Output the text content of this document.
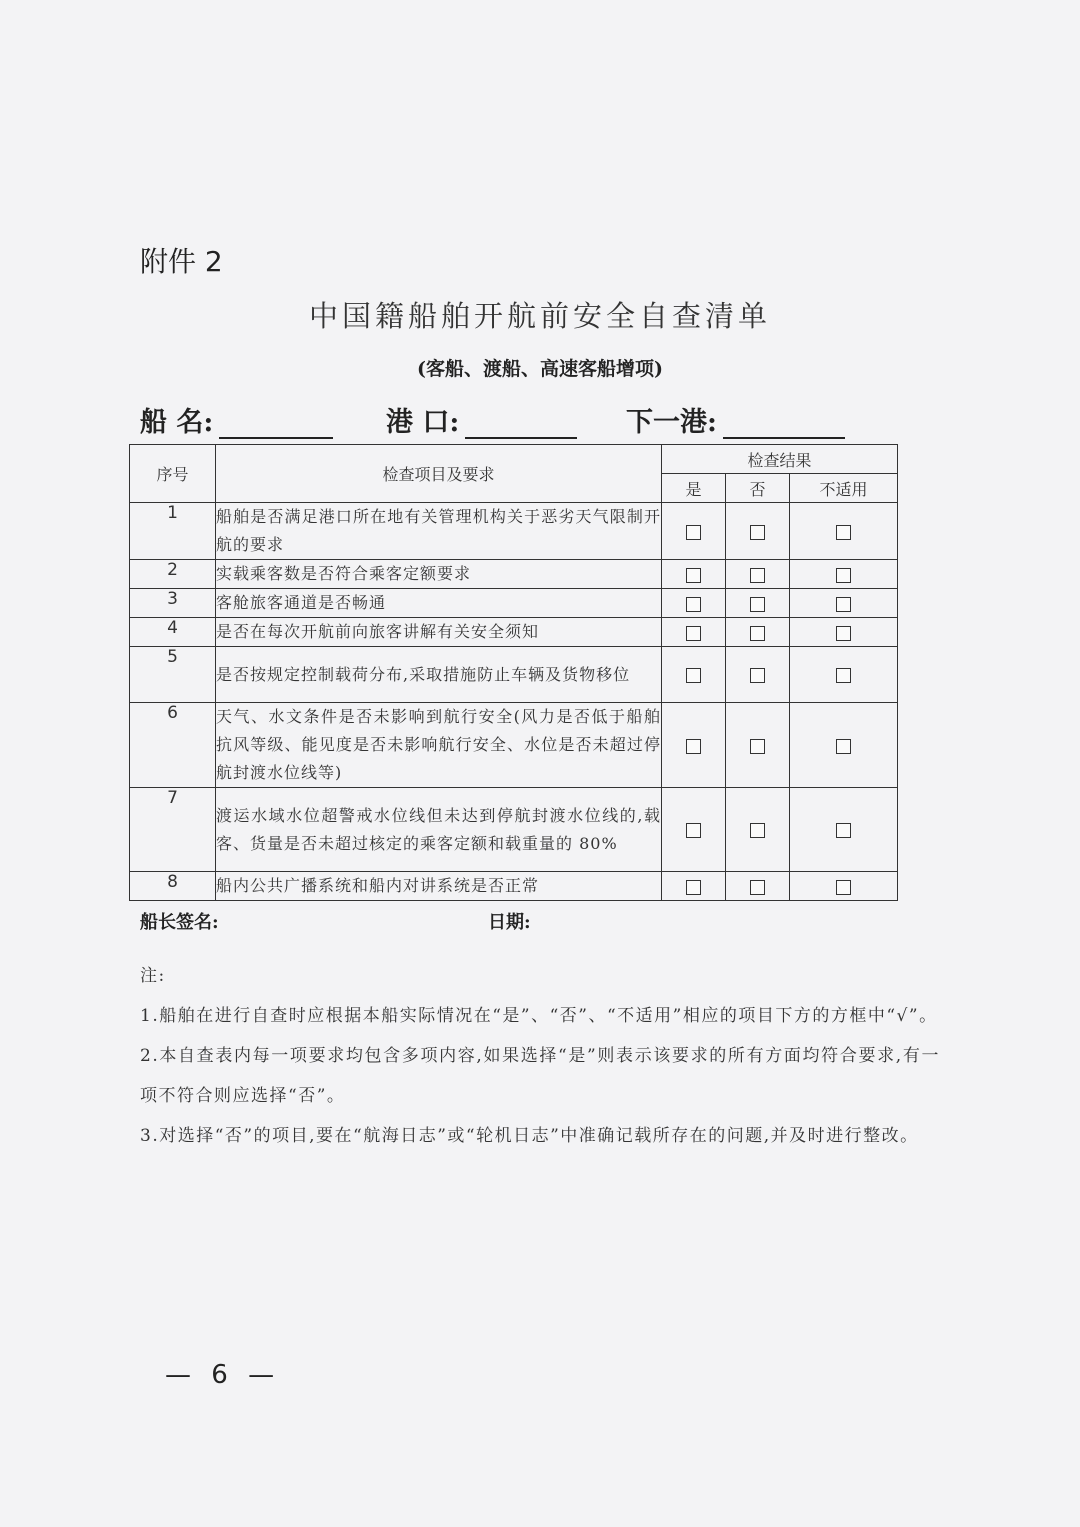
附件 2
中国籍船舶开航前安全自查清单
(客船、渡船、高速客船增项)
船 名:	港 口:	下一港:
序号	检查项目及要求	检查结果		
		是	否	不适用
1	船舶是否满足港口所在地有关管理机构关于恶劣天气限制开航的要求			
2	实载乘客数是否符合乘客定额要求			
3	客舱旅客通道是否畅通			
4	是否在每次开航前向旅客讲解有关安全须知			
5	是否按规定控制载荷分布,采取措施防止车辆及货物移位			
6	天气、水文条件是否未影响到航行安全(风力是否低于船舶抗风等级、能见度是否未影响航行安全、水位是否未超过停航封渡水位线等)			
7	渡运水域水位超警戒水位线但未达到停航封渡水位线的,载客、货量是否未超过核定的乘客定额和载重量的 80%			
8	船内公共广播系统和船内对讲系统是否正常			
船长签名:	日期:

注:

1.船舶在进行自查时应根据本船实际情况在“是”、“否”、“不适用”相应的项目下方的方框中“√”。

2.本自查表内每一项要求均包含多项内容,如果选择“是”则表示该要求的所有方面均符合要求,有一项不符合则应选择“否”。

3.对选择“否”的项目,要在“航海日志”或“轮机日志”中准确记载所存在的问题,并及时进行整改。

— 6 —
